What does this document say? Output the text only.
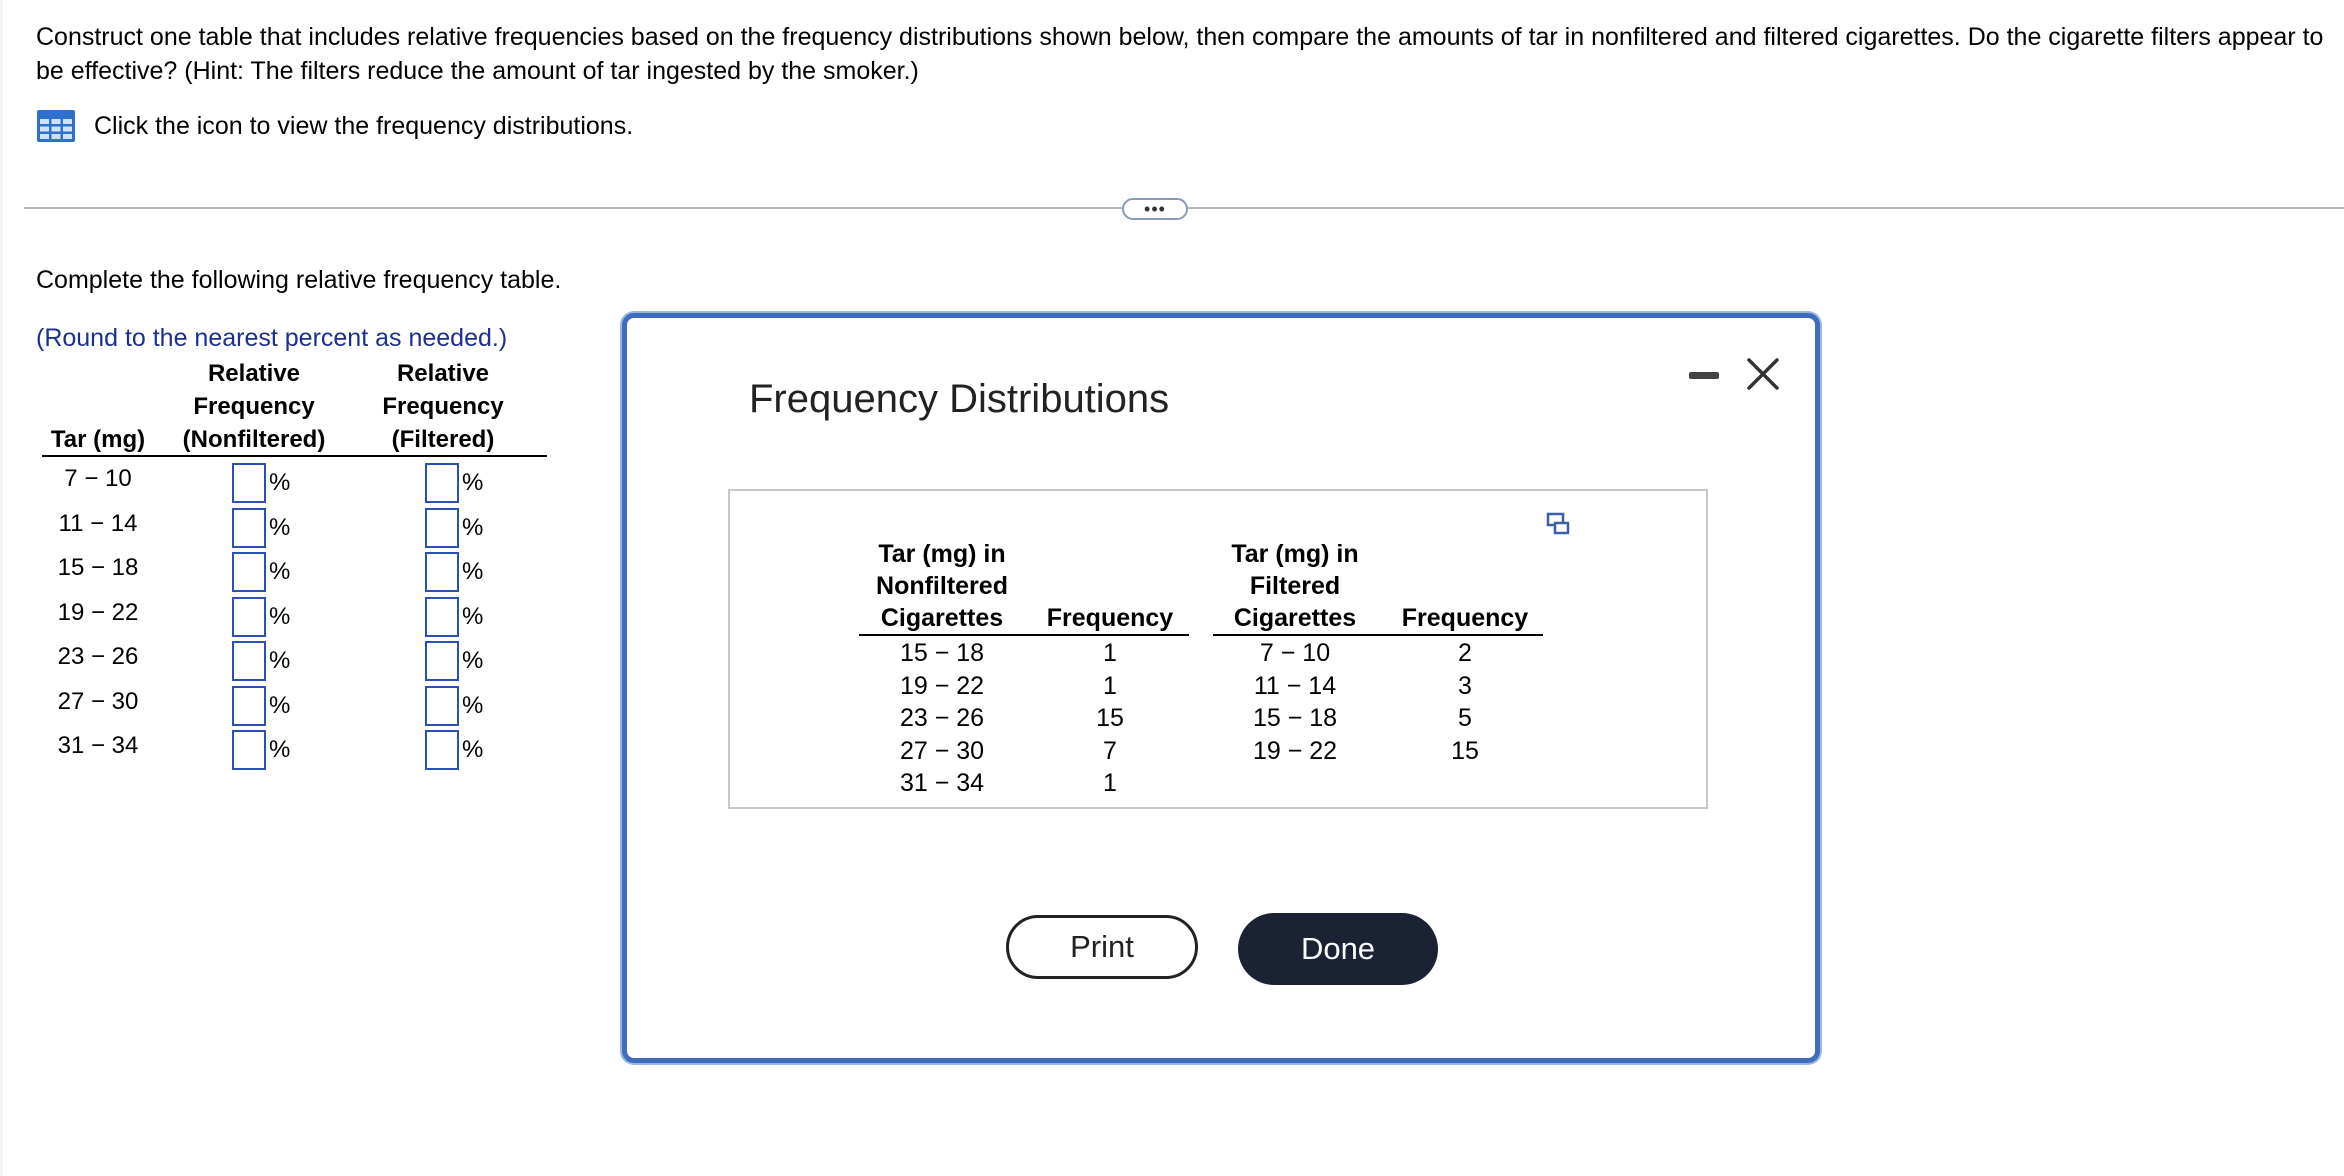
Construct one table that includes relative frequencies based on the frequency distributions shown below, then compare the amounts of tar in nonfiltered and filtered cigarettes. Do the cigarette filters appear to be effective? (Hint: The filters reduce the amount of tar ingested by the smoker.)
Click the icon to view the frequency distributions.
•••
Complete the following relative frequency table.
(Round to the nearest percent as needed.)
Tar (mg)
Relative
Frequency
(Nonfiltered)
Relative
Frequency
(Filtered)
7 − 10	%	%
11 − 14	%	%
15 − 18	%	%
19 − 22	%	%
23 − 26	%	%
27 − 30	%	%
31 − 34	%	%
Frequency Distributions
Tar (mg) in
Nonfiltered
Cigarettes	Frequency
Tar (mg) in
Filtered
Cigarettes	Frequency
15 − 18	1
19 − 22	1
23 − 26	15
27 − 30	7
31 − 34	1
7 − 10	2
11 − 14	3
15 − 18	5
19 − 22	15
Print	Done
